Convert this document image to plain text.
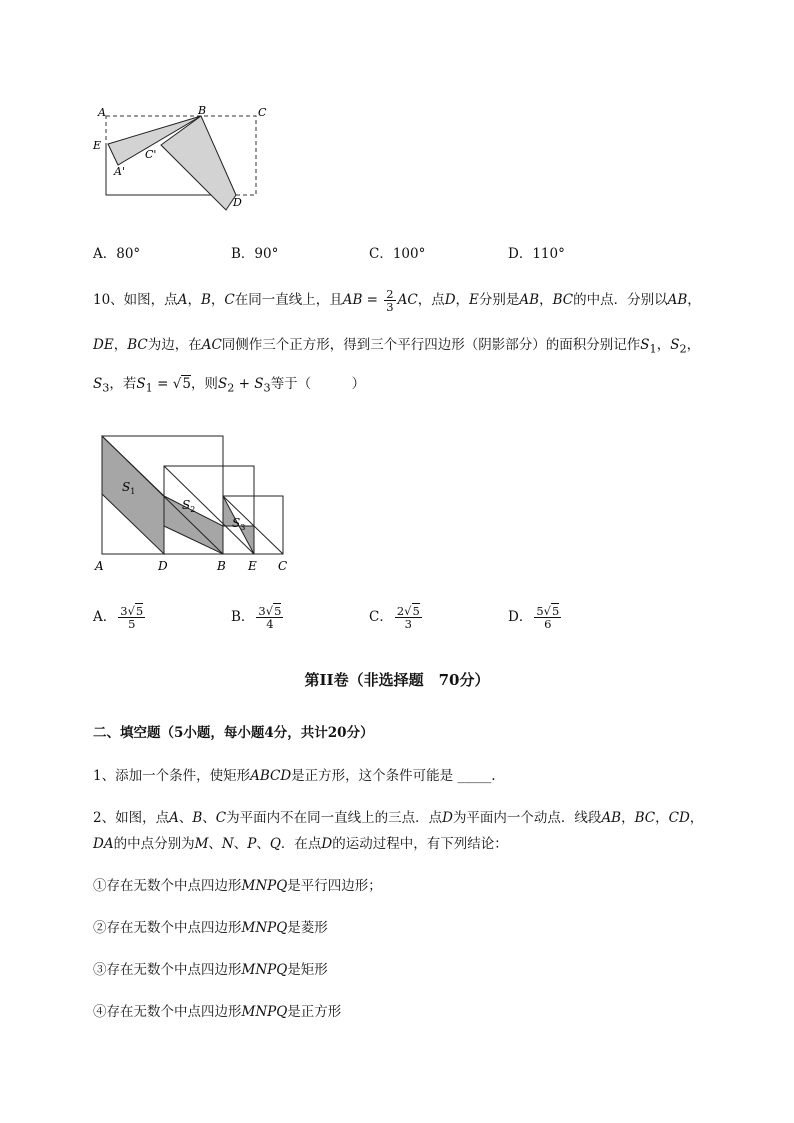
A	B	C
E
A'
C'
D
A．80°	B．90°	C．100°	D．110°
10、如图，点A，B，C在同一直线上，且AB = $\frac{2}{3}$ AC，点D，E分别是AB，BC的中点．分别以AB，
DE，BC为边，在AC同侧作三个正方形，得到三个平行四边形（阴影部分）的面积分别记作$S_1$，$S_2$，
$S_3$，若$S_1 = √5$，则$S_2 + S_3$等于（　　　）
$S_1$
$S_2$
$S_3$
A	D	B E C
A． $\frac{3√5}{5}$	B． $\frac{3√5}{4}$	C． $\frac{2√5}{3}$	D． $\frac{5√5}{6}$
第II卷（非选择题　70分）
二、填空题（5小题，每小题4分，共计20分）
1、添加一个条件，使矩形ABCD是正方形，这个条件可能是 _____.
2、如图，点A、B、C为平面内不在同一直线上的三点．点D为平面内一个动点．线段AB，BC，CD，
DA的中点分别为M、N、P、Q．在点D的运动过程中，有下列结论：
①存在无数个中点四边形MNPQ是平行四边形；
②存在无数个中点四边形MNPQ是菱形
③存在无数个中点四边形MNPQ是矩形
④存在无数个中点四边形MNPQ是正方形
